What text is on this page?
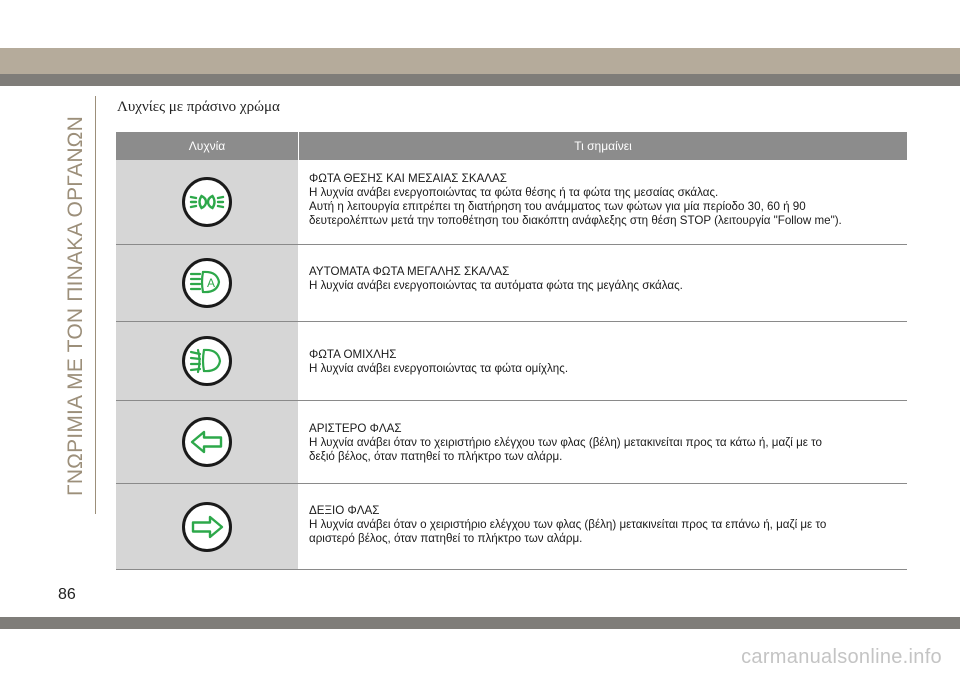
ΓΝΩΡΙΜΙΑ ΜΕ ΤΟΝ ΠΙΝΑΚΑ ΟΡΓΑΝΩΝ
Λυχνίες με πράσινο χρώμα
Λυχνία	Τι σημαίνει
ΦΩΤΑ ΘΕΣΗΣ ΚΑΙ ΜΕΣΑΙΑΣ ΣΚΑΛΑΣ
Η λυχνία ανάβει ενεργοποιώντας τα φώτα θέσης ή τα φώτα της μεσαίας σκάλας.
Αυτή η λειτουργία επιτρέπει τη διατήρηση του ανάμματος των φώτων για μία περίοδο 30, 60 ή 90
δευτερολέπτων μετά την τοποθέτηση του διακόπτη ανάφλεξης στη θέση STOP (λειτουργία "Follow me").
A
ΑΥΤΟΜΑΤΑ ΦΩΤΑ ΜΕΓΑΛΗΣ ΣΚΑΛΑΣ
Η λυχνία ανάβει ενεργοποιώντας τα αυτόματα φώτα της μεγάλης σκάλας.
ΦΩΤΑ ΟΜΙΧΛΗΣ
Η λυχνία ανάβει ενεργοποιώντας τα φώτα ομίχλης.
ΑΡΙΣΤΕΡΟ ΦΛΑΣ
Η λυχνία ανάβει όταν το χειριστήριο ελέγχου των φλας (βέλη) μετακινείται προς τα κάτω ή, μαζί με το
δεξιό βέλος, όταν πατηθεί το πλήκτρο των αλάρμ.
ΔΕΞΙΟ ΦΛΑΣ
Η λυχνία ανάβει όταν ο χειριστήριο ελέγχου των φλας (βέλη) μετακινείται προς τα επάνω ή, μαζί με το
αριστερό βέλος, όταν πατηθεί το πλήκτρο των αλάρμ.
86
carmanualsonline.info
